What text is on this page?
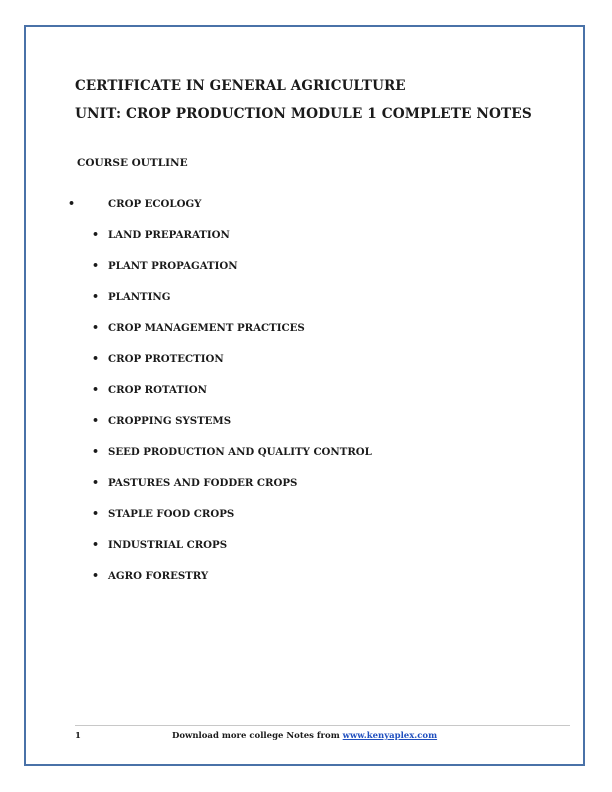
CERTIFICATE IN GENERAL AGRICULTURE
UNIT: CROP PRODUCTION MODULE 1 COMPLETE NOTES
COURSE OUTLINE
•	CROP ECOLOGY
• LAND PREPARATION
• PLANT PROPAGATION
• PLANTING
• CROP MANAGEMENT PRACTICES
• CROP PROTECTION
• CROP ROTATION
• CROPPING SYSTEMS
• SEED PRODUCTION AND QUALITY CONTROL
• PASTURES AND FODDER CROPS
• STAPLE FOOD CROPS
• INDUSTRIAL CROPS
• AGRO FORESTRY
1	Download more college Notes from www.kenyaplex.com
